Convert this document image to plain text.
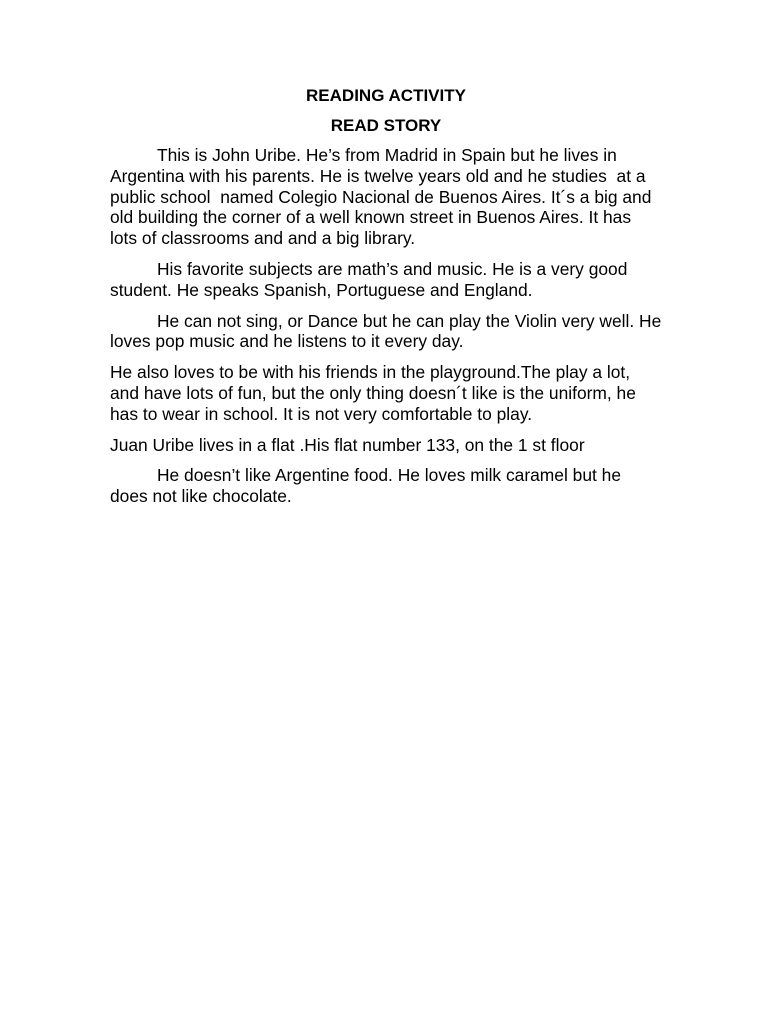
READING ACTIVITY
READ STORY

This is John Uribe. He’s from Madrid in Spain but he lives in Argentina with his parents. He is twelve years old and he studies  at a public school  named Colegio Nacional de Buenos Aires. It´s a big and old building the corner of a well known street in Buenos Aires. It has lots of classrooms and and a big library.

His favorite subjects are math’s and music. He is a very good student. He speaks Spanish, Portuguese and England.

He can not sing, or Dance but he can play the Violin very well. He loves pop music and he listens to it every day.

He also loves to be with his friends in the playground.The play a lot, and have lots of fun, but the only thing doesn´t like is the uniform, he has to wear in school. It is not very comfortable to play.

Juan Uribe lives in a flat .His flat number 133, on the 1 st floor

He doesn’t like Argentine food. He loves milk caramel but he does not like chocolate.
